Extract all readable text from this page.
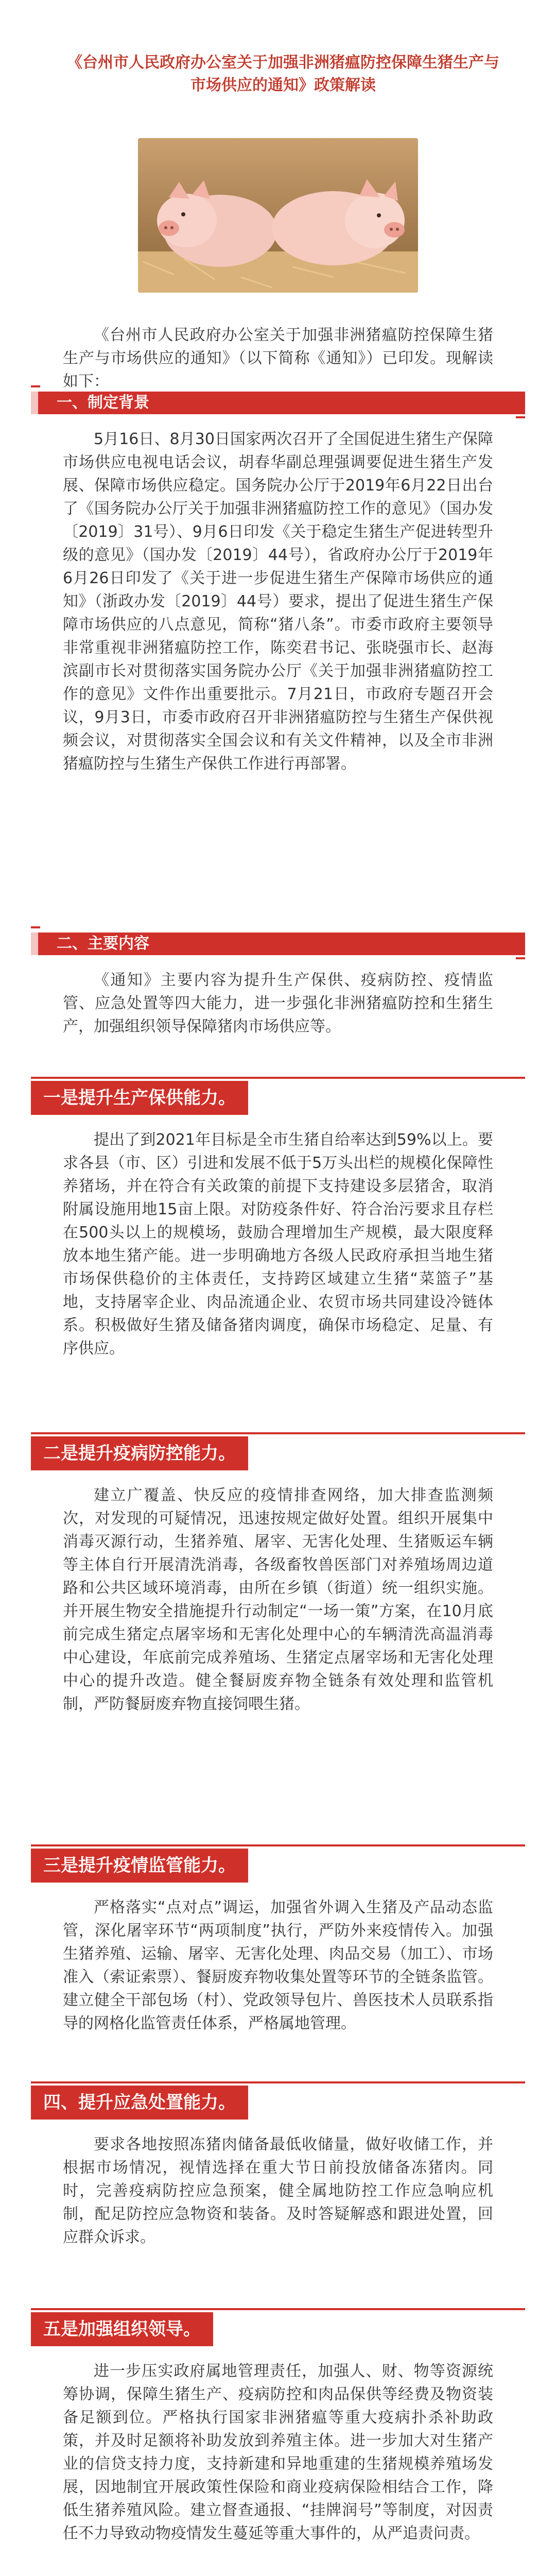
《台州市人民政府办公室关于加强非洲猪瘟防控保障生猪生产与市场供应的通知》政策解读

《台州市人民政府办公室关于加强非洲猪瘟防控保障生猪生产与市场供应的通知》（以下简称《通知》）已印发。现解读如下：

一、制定背景

5月16日、8月30日国家两次召开了全国促进生猪生产保障市场供应电视电话会议，胡春华副总理强调要促进生猪生产发展、保障市场供应稳定。国务院办公厅于2019年6月22日出台了《国务院办公厅关于加强非洲猪瘟防控工作的意见》（国办发〔2019〕31号）、9月6日印发《关于稳定生猪生产促进转型升级的意见》（国办发〔2019〕44号），省政府办公厅于2019年6月26日印发了《关于进一步促进生猪生产保障市场供应的通知》（浙政办发〔2019〕44号）要求，提出了促进生猪生产保障市场供应的八点意见，简称“猪八条”。市委市政府主要领导非常重视非洲猪瘟防控工作，陈奕君书记、张晓强市长、赵海滨副市长对贯彻落实国务院办公厅《关于加强非洲猪瘟防控工作的意见》文件作出重要批示。7月21日，市政府专题召开会议，9月3日，市委市政府召开非洲猪瘟防控与生猪生产保供视频会议，对贯彻落实全国会议和有关文件精神，以及全市非洲猪瘟防控与生猪生产保供工作进行再部署。

二、主要内容

《通知》主要内容为提升生产保供、疫病防控、疫情监管、应急处置等四大能力，进一步强化非洲猪瘟防控和生猪生产，加强组织领导保障猪肉市场供应等。

一是提升生产保供能力。

提出了到2021年目标是全市生猪自给率达到59%以上。要求各县（市、区）引进和发展不低于5万头出栏的规模化保障性养猪场，并在符合有关政策的前提下支持建设多层猪舍，取消附属设施用地15亩上限。对防疫条件好、符合治污要求且存栏在500头以上的规模场，鼓励合理增加生产规模，最大限度释放本地生猪产能。进一步明确地方各级人民政府承担当地生猪市场保供稳价的主体责任，支持跨区域建立生猪“菜篮子”基地，支持屠宰企业、肉品流通企业、农贸市场共同建设冷链体系。积极做好生猪及储备猪肉调度，确保市场稳定、足量、有序供应。

二是提升疫病防控能力。

建立广覆盖、快反应的疫情排查网络，加大排查监测频次，对发现的可疑情况，迅速按规定做好处置。组织开展集中消毒灭源行动，生猪养殖、屠宰、无害化处理、生猪贩运车辆等主体自行开展清洗消毒，各级畜牧兽医部门对养殖场周边道路和公共区域环境消毒，由所在乡镇（街道）统一组织实施。并开展生物安全措施提升行动制定“一场一策”方案，在10月底前完成生猪定点屠宰场和无害化处理中心的车辆清洗高温消毒中心建设，年底前完成养殖场、生猪定点屠宰场和无害化处理中心的提升改造。健全餐厨废弃物全链条有效处理和监管机制，严防餐厨废弃物直接饲喂生猪。

三是提升疫情监管能力。

严格落实“点对点”调运，加强省外调入生猪及产品动态监管，深化屠宰环节“两项制度”执行，严防外来疫情传入。加强生猪养殖、运输、屠宰、无害化处理、肉品交易（加工）、市场准入（索证索票）、餐厨废弃物收集处置等环节的全链条监管。建立健全干部包场（村）、党政领导包片、兽医技术人员联系指导的网格化监管责任体系，严格属地管理。

四、提升应急处置能力。

要求各地按照冻猪肉储备最低收储量，做好收储工作，并根据市场情况，视情选择在重大节日前投放储备冻猪肉。同时，完善疫病防控应急预案，健全属地防控工作应急响应机制，配足防控应急物资和装备。及时答疑解惑和跟进处置，回应群众诉求。

五是加强组织领导。

进一步压实政府属地管理责任，加强人、财、物等资源统筹协调，保障生猪生产、疫病防控和肉品保供等经费及物资装备足额到位。严格执行国家非洲猪瘟等重大疫病扑杀补助政策，并及时足额将补助发放到养殖主体。进一步加大对生猪产业的信贷支持力度，支持新建和异地重建的生猪规模养殖场发展，因地制宜开展政策性保险和商业疫病保险相结合工作，降低生猪养殖风险。建立督查通报、“挂牌润号”等制度，对因责任不力导致动物疫情发生蔓延等重大事件的，从严追责问责。
